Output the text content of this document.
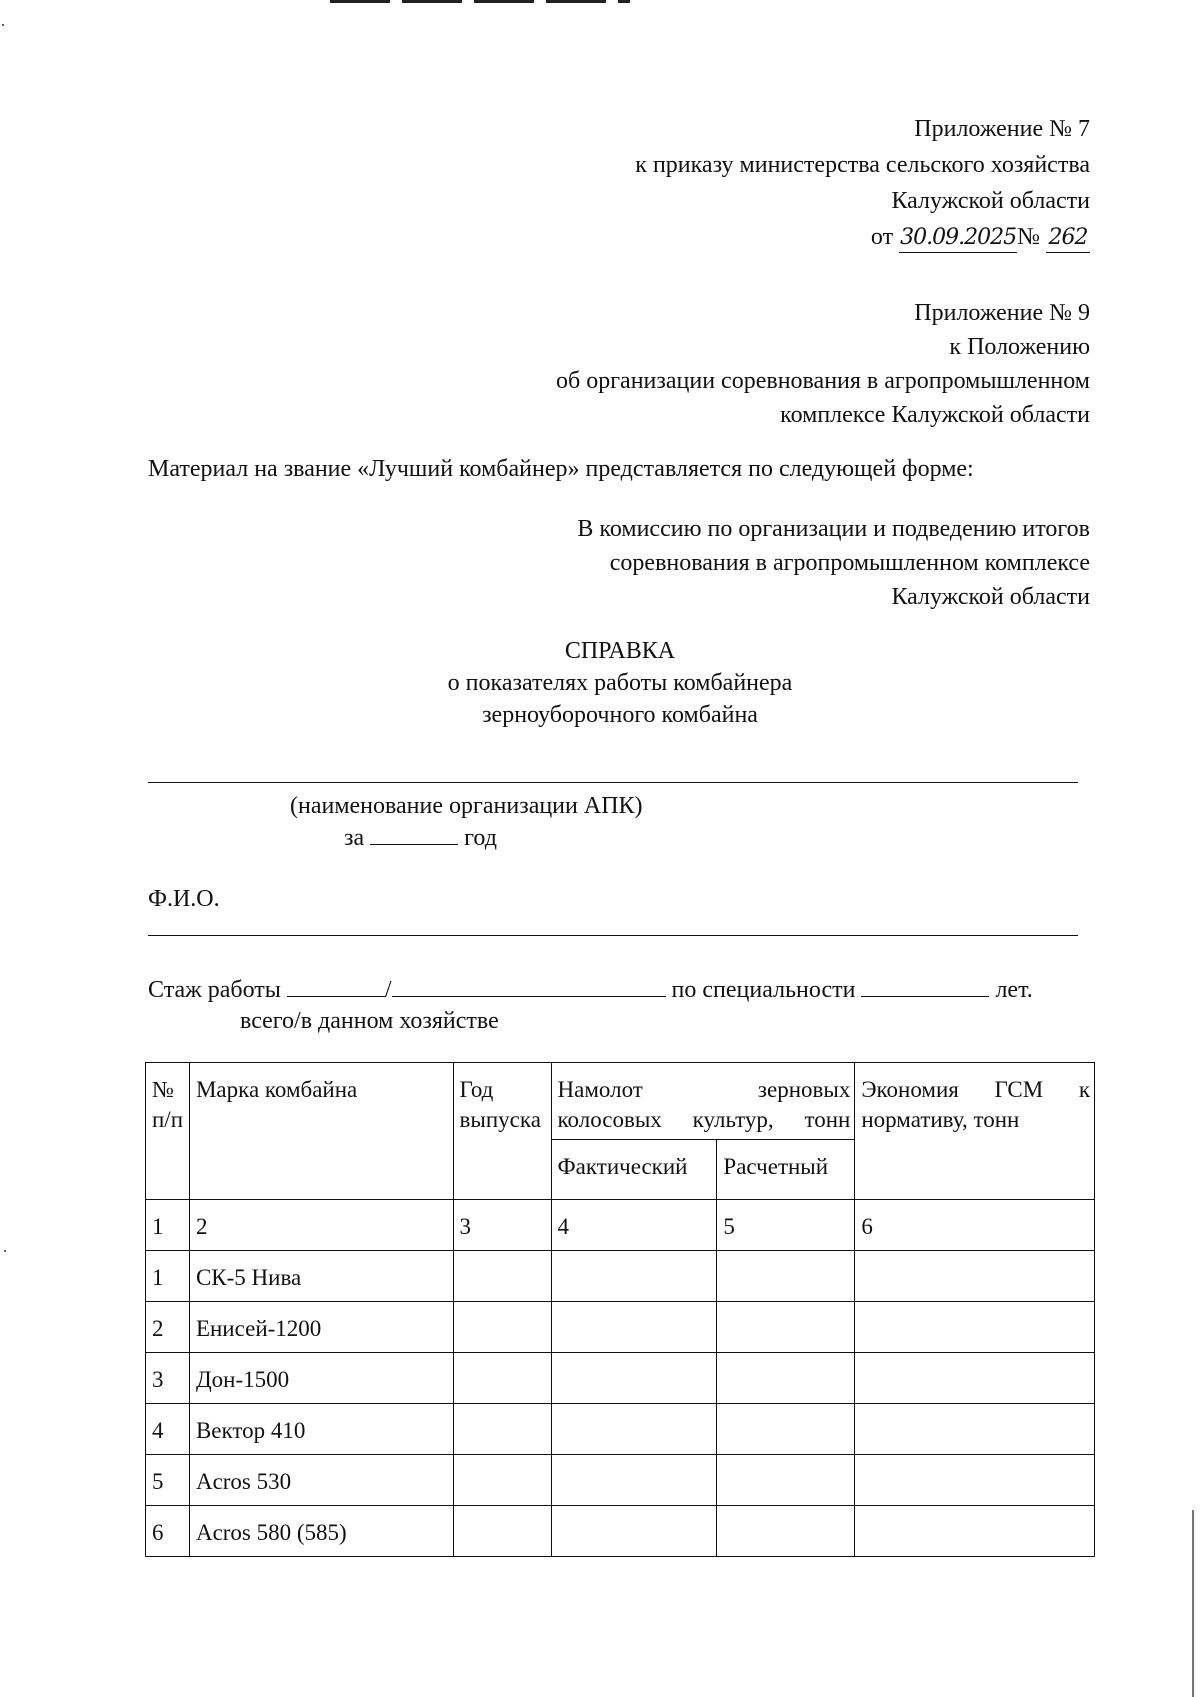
Приложение № 7
к приказу министерства сельского хозяйства
Калужской области
от 30.09.2025№ 262
Приложение № 9
к Положению
об организации соревнования в агропромышленном
комплексе Калужской области
Материал на звание «Лучший комбайнер» представляется по следующей форме:
В комиссию по организации и подведению итогов
соревнования в агропромышленном комплексе
Калужской области
СПРАВКА
о показателях работы комбайнера
зерноуборочного комбайна
(наименование организации АПК)
за	год
Ф.И.О.
Стаж работы	/	по специальности	лет.
всего/в данном хозяйстве
№ п/п	Марка комбайна	Год выпуска	Намолот зерновых колосовых культур, тонн		Экономия ГСМ к нормативу, тонн
			Фактический	Расчетный	
1	2	3	4	5	6
1	СК-5 Нива				
2	Енисей-1200				
3	Дон-1500				
4	Вектор 410				
5	Acros 530				
6	Acros 580 (585)				
